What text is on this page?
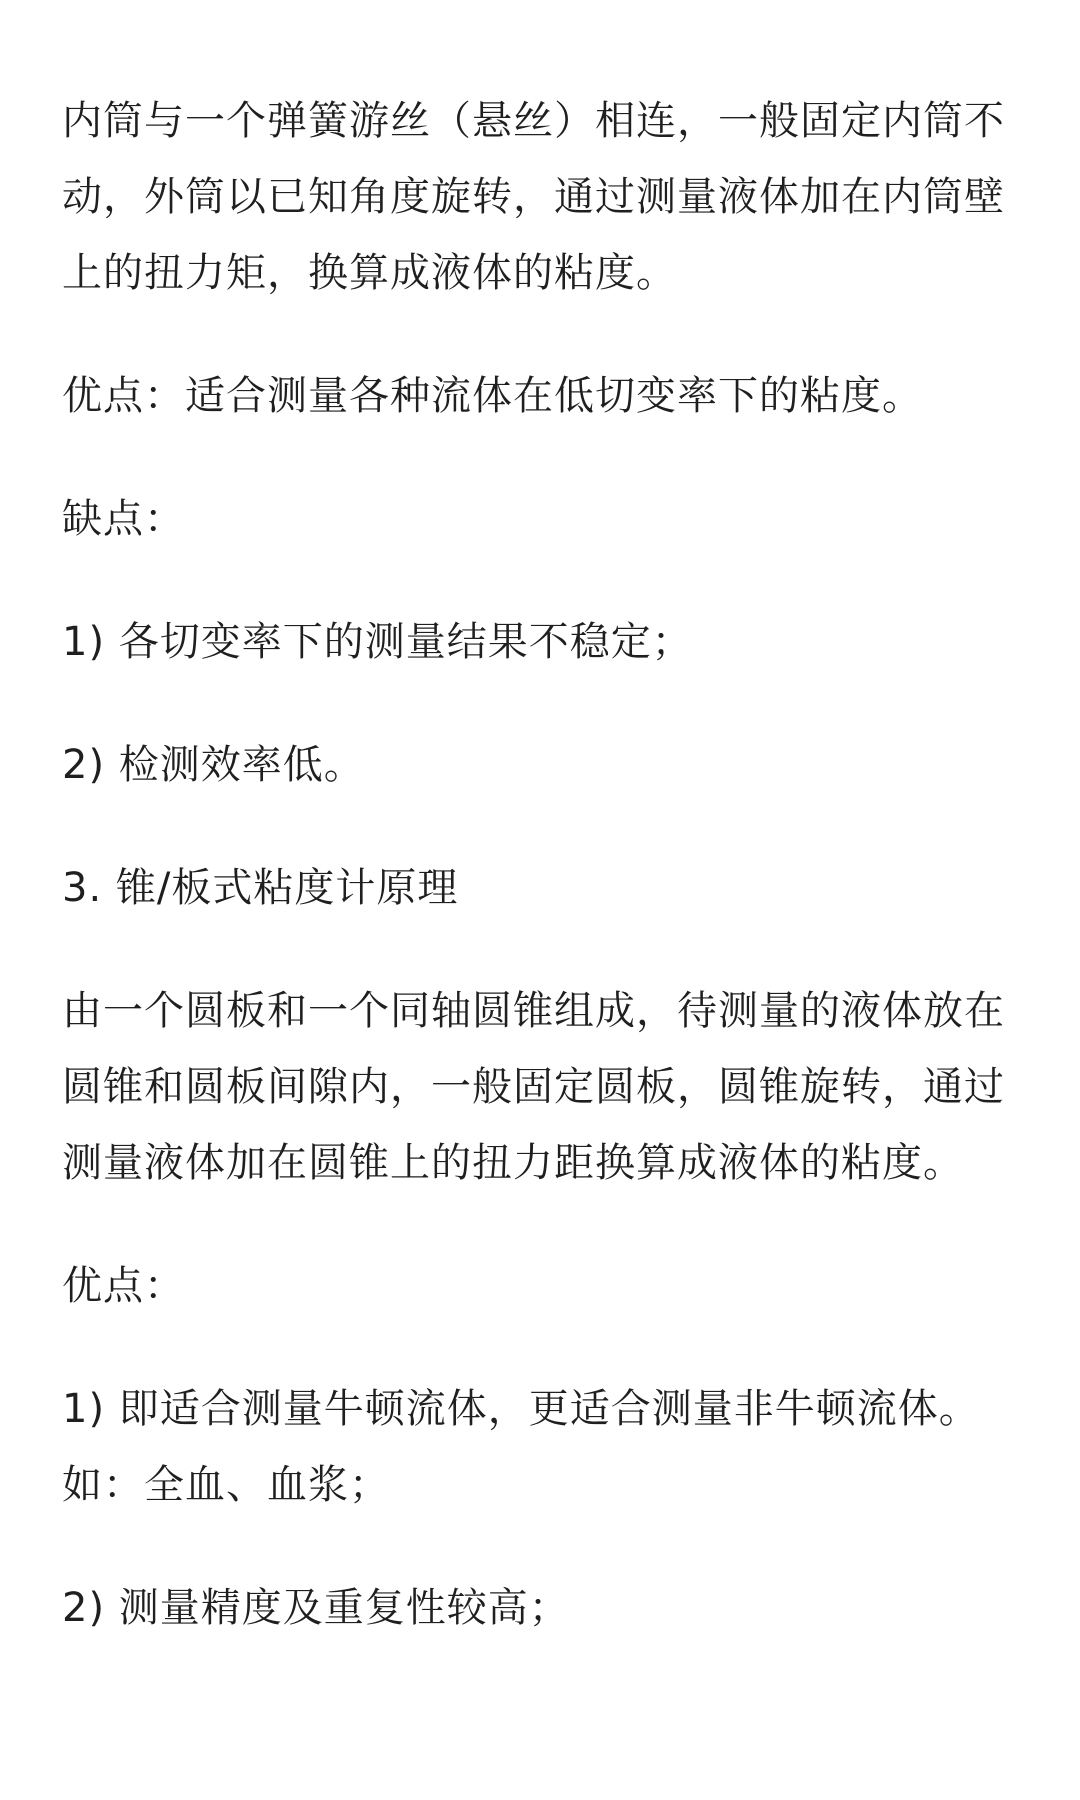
内筒与一个弹簧游丝（悬丝）相连，一般固定内筒不动，外筒以已知角度旋转，通过测量液体加在内筒壁上的扭力矩，换算成液体的粘度。

优点：适合测量各种流体在低切变率下的粘度。

缺点：

1) 各切变率下的测量结果不稳定；

2) 检测效率低。

3. 锥/板式粘度计原理

由一个圆板和一个同轴圆锥组成，待测量的液体放在圆锥和圆板间隙内，一般固定圆板，圆锥旋转，通过测量液体加在圆锥上的扭力距换算成液体的粘度。

优点：

1) 即适合测量牛顿流体，更适合测量非牛顿流体。如：全血、血浆；

2) 测量精度及重复性较高；
